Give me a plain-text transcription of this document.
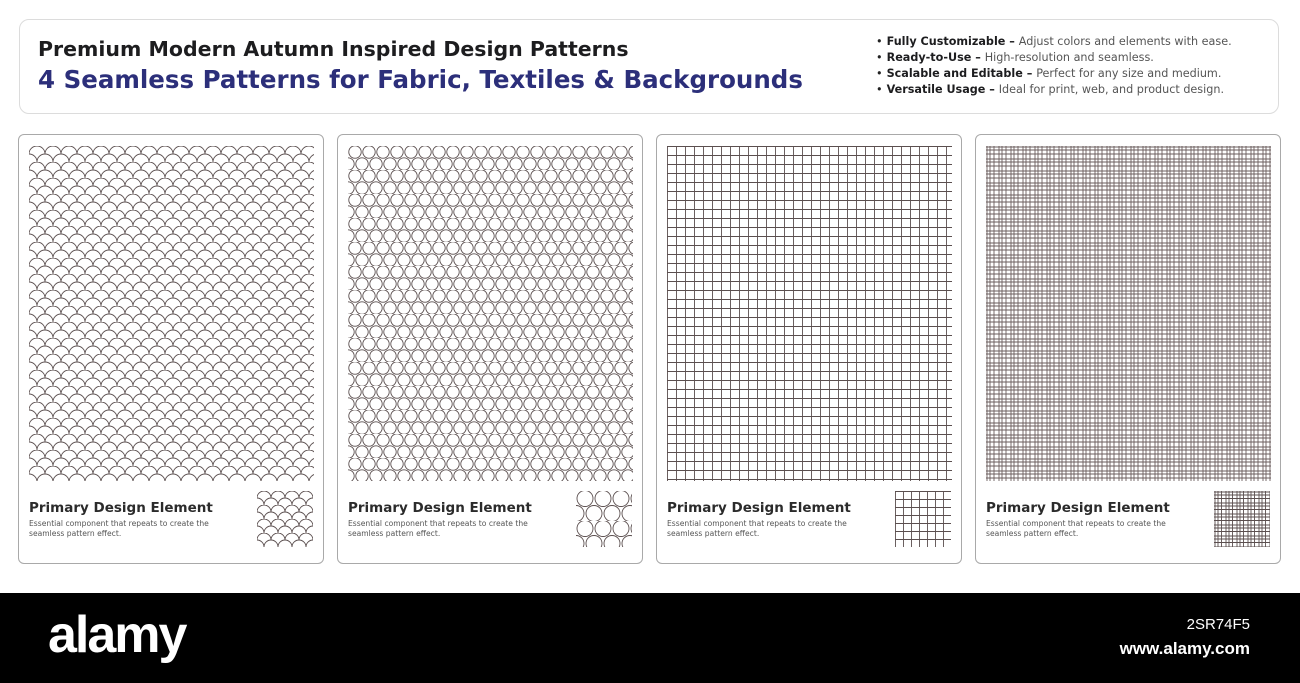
Premium Modern Autumn Inspired Design Patterns
4 Seamless Patterns for Fabric, Textiles & Backgrounds
• Fully Customizable – Adjust colors and elements with ease.
• Ready-to-Use – High-resolution and seamless.
• Scalable and Editable – Perfect for any size and medium.
• Versatile Usage – Ideal for print, web, and product design.

Primary Design Element

Essential component that repeats to create the seamless pattern effect.

Primary Design Element

Essential component that repeats to create the seamless pattern effect.

Primary Design Element

Essential component that repeats to create the seamless pattern effect.

Primary Design Element

Essential component that repeats to create the seamless pattern effect.

alamy	2SR74F5

www.alamy.com
